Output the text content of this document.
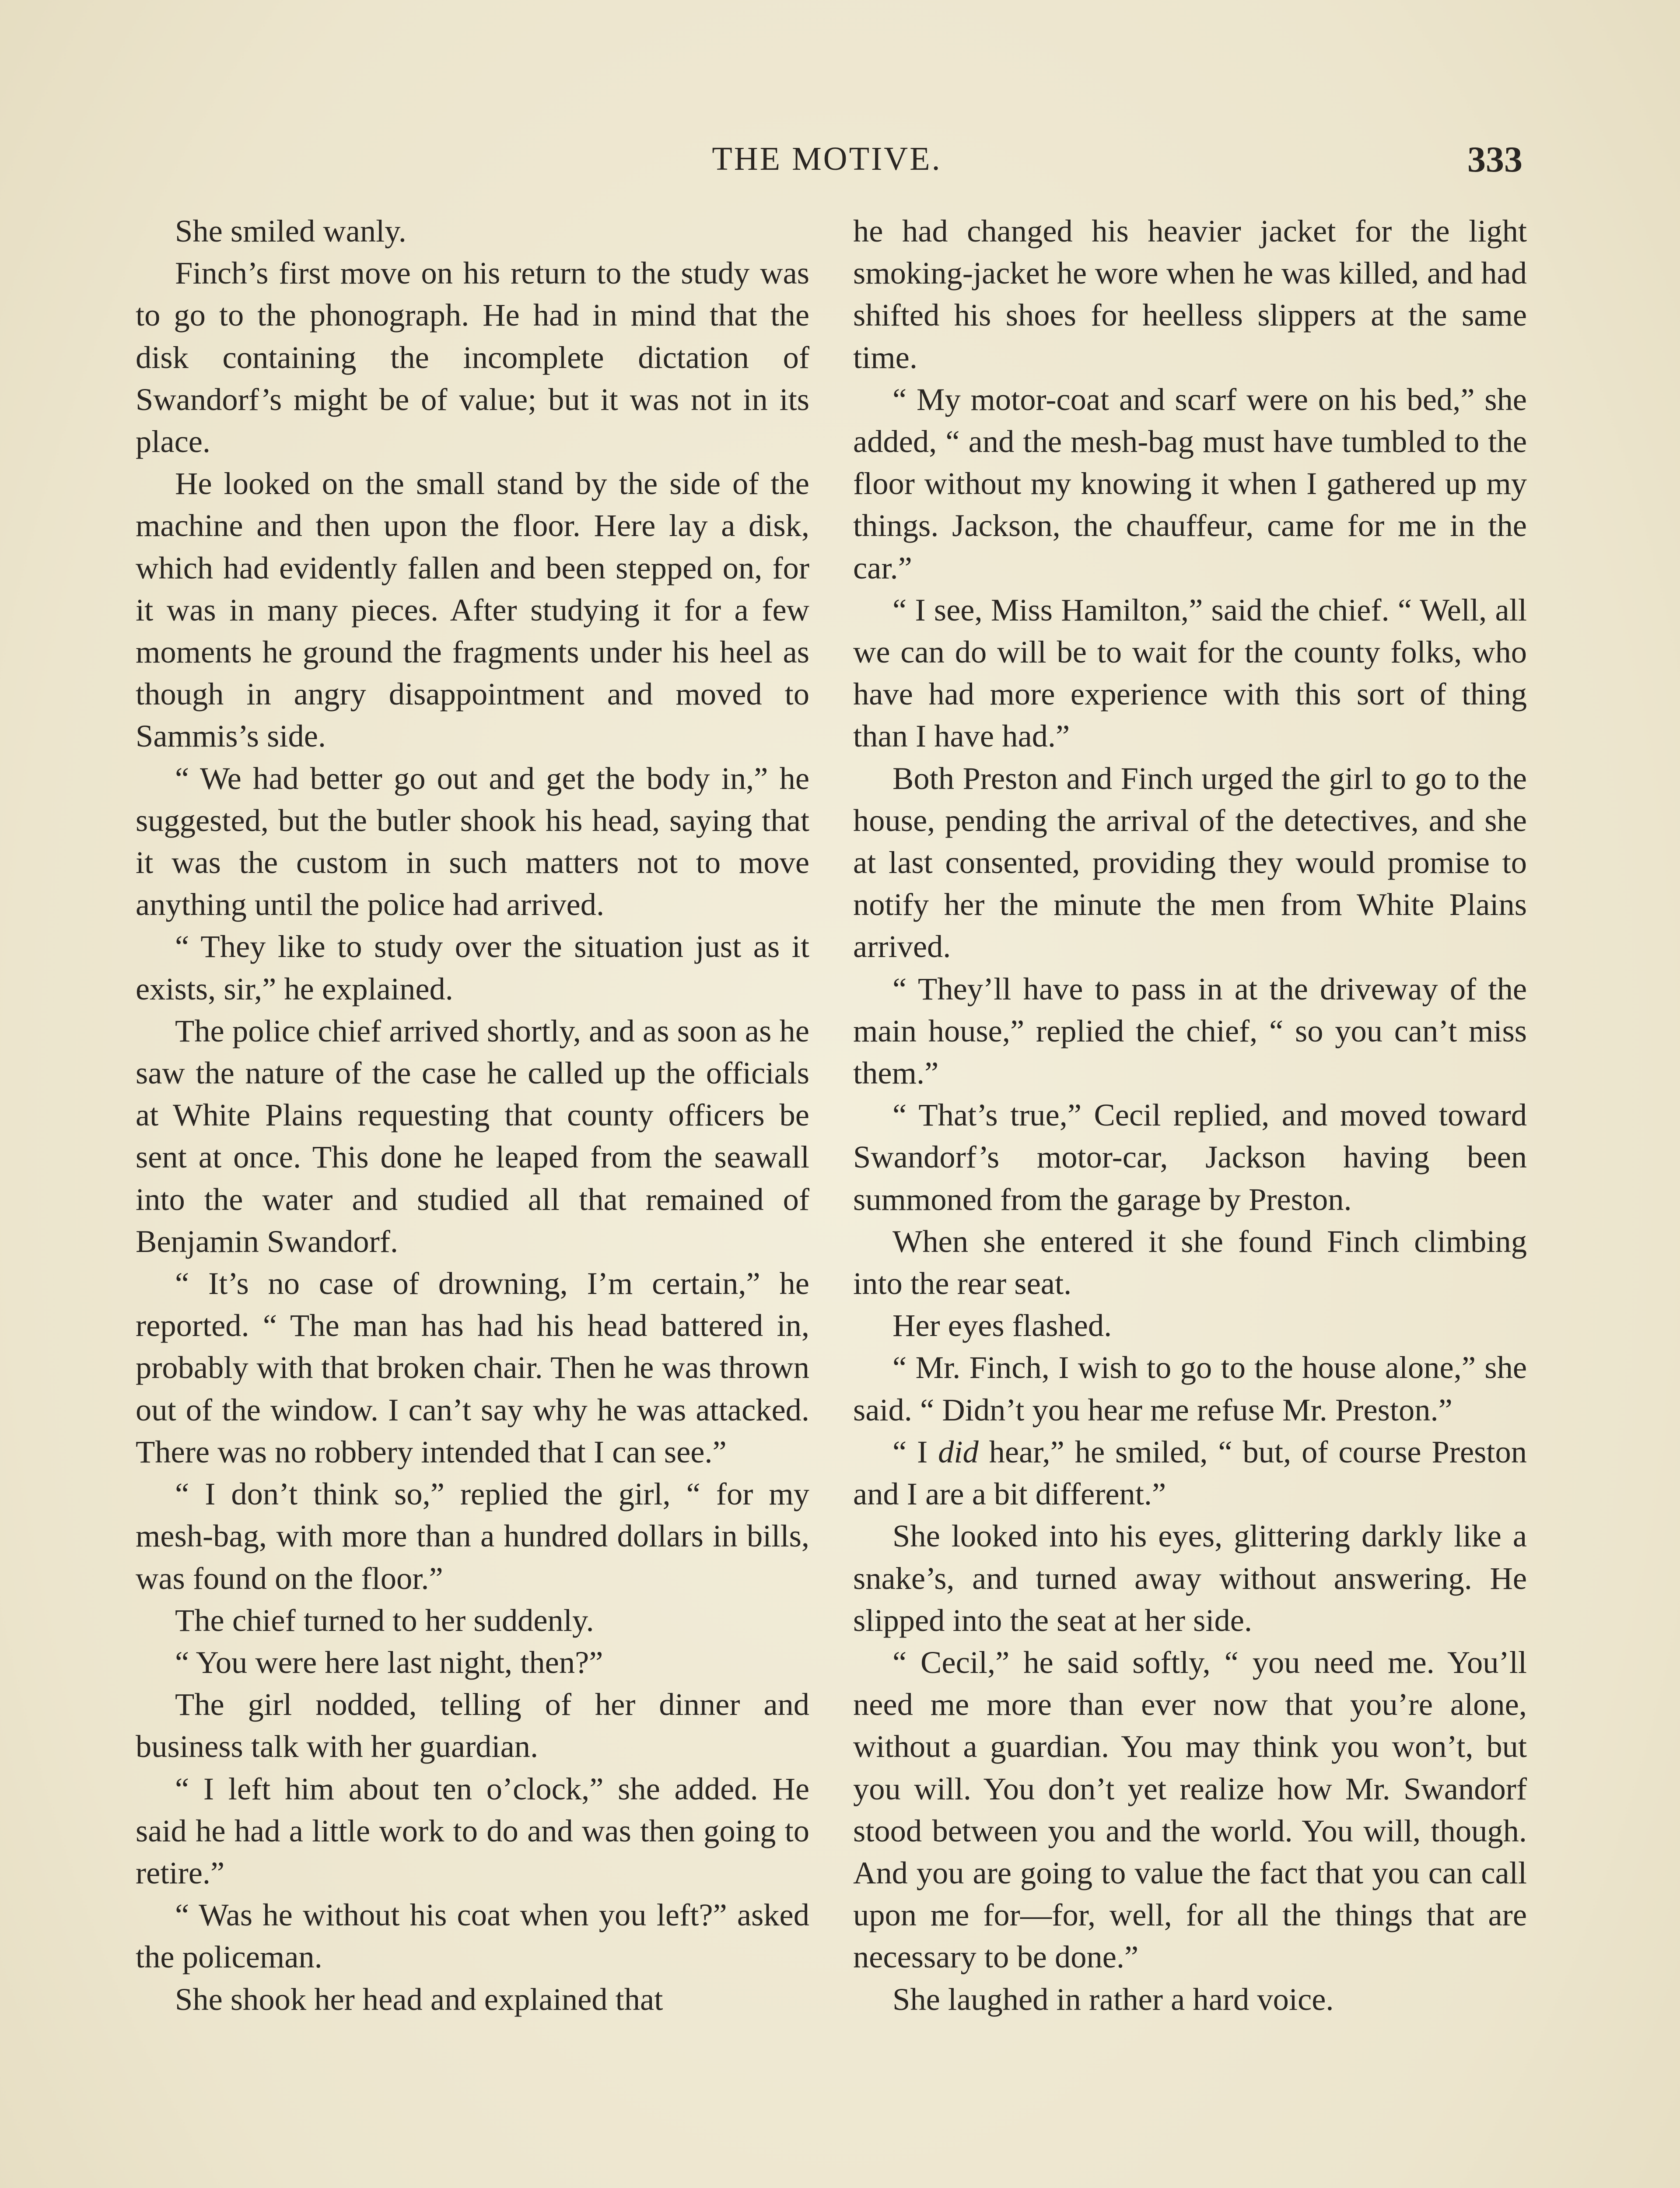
THE MOTIVE.	333

She smiled wanly.

Finch’s first move on his return to the study was to go to the phonograph. He had in mind that the disk containing the incomplete dictation of Swandorf’s might be of value; but it was not in its place.

He looked on the small stand by the side of the machine and then upon the floor. Here lay a disk, which had evidently fallen and been stepped on, for it was in many pieces. After studying it for a few moments he ground the fragments under his heel as though in angry disappointment and moved to Sammis’s side.

“ We had better go out and get the body in,” he suggested, but the butler shook his head, saying that it was the custom in such matters not to move anything until the police had arrived.

“ They like to study over the situation just as it exists, sir,” he explained.

The police chief arrived shortly, and as soon as he saw the nature of the case he called up the officials at White Plains requesting that county officers be sent at once. This done he leaped from the seawall into the water and studied all that remained of Benjamin Swandorf.

“ It’s no case of drowning, I’m certain,” he reported. “ The man has had his head battered in, probably with that broken chair. Then he was thrown out of the window. I can’t say why he was attacked. There was no robbery intended that I can see.”

“ I don’t think so,” replied the girl, “ for my mesh-bag, with more than a hundred dollars in bills, was found on the floor.”

The chief turned to her suddenly.

“ You were here last night, then?”

The girl nodded, telling of her dinner and business talk with her guardian.

“ I left him about ten o’clock,” she added. He said he had a little work to do and was then going to retire.”

“ Was he without his coat when you left?” asked the policeman.

She shook her head and explained that

he had changed his heavier jacket for the light smoking-jacket he wore when he was killed, and had shifted his shoes for heelless slippers at the same time.

“ My motor-coat and scarf were on his bed,” she added, “ and the mesh-bag must have tumbled to the floor without my knowing it when I gathered up my things. Jackson, the chauffeur, came for me in the car.”

“ I see, Miss Hamilton,” said the chief. “ Well, all we can do will be to wait for the county folks, who have had more experience with this sort of thing than I have had.”

Both Preston and Finch urged the girl to go to the house, pending the arrival of the detectives, and she at last consented, providing they would promise to notify her the minute the men from White Plains arrived.

“ They’ll have to pass in at the driveway of the main house,” replied the chief, “ so you can’t miss them.”

“ That’s true,” Cecil replied, and moved toward Swandorf’s motor-car, Jackson having been summoned from the garage by Preston.

When she entered it she found Finch climbing into the rear seat.

Her eyes flashed.

“ Mr. Finch, I wish to go to the house alone,” she said. “ Didn’t you hear me refuse Mr. Preston.”

“ I did hear,” he smiled, “ but, of course Preston and I are a bit different.”

She looked into his eyes, glittering darkly like a snake’s, and turned away without answering. He slipped into the seat at her side.

“ Cecil,” he said softly, “ you need me. You’ll need me more than ever now that you’re alone, without a guardian. You may think you won’t, but you will. You don’t yet realize how Mr. Swandorf stood between you and the world. You will, though. And you are going to value the fact that you can call upon me for—for, well, for all the things that are necessary to be done.”

She laughed in rather a hard voice.
